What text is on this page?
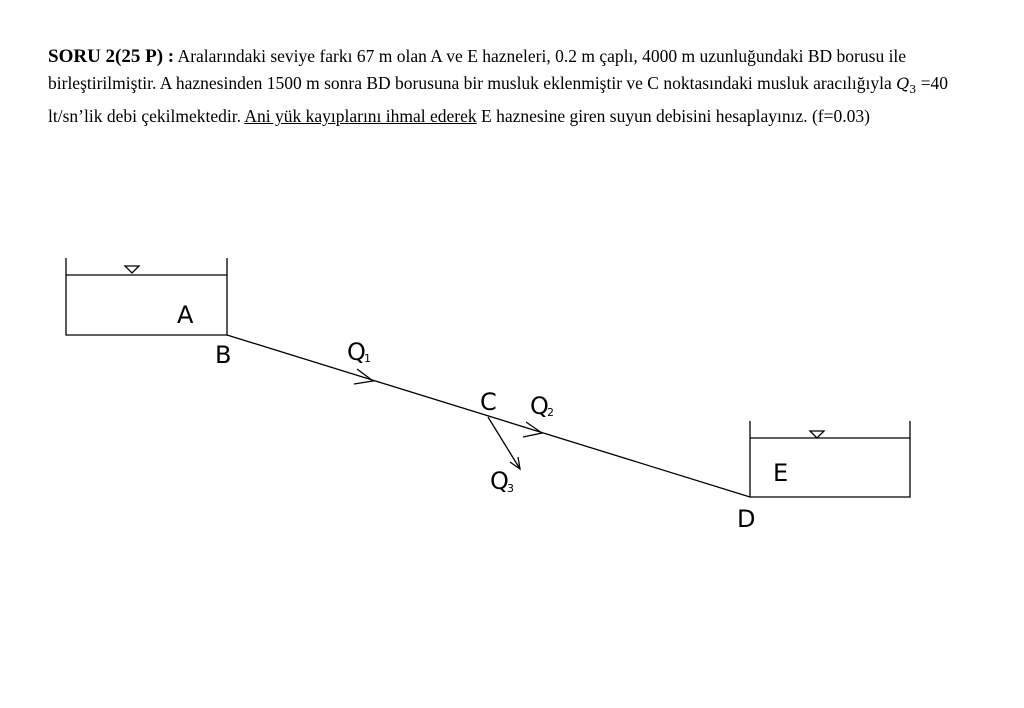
SORU 2(25 P) : Aralarındaki seviye farkı 67 m olan A ve E hazneleri, 0.2 m çaplı, 4000 m uzunluğundaki BD borusu ile birleştirilmiştir. A haznesinden 1500 m sonra BD borusuna bir musluk eklenmiştir ve C noktasındaki musluk aracılığıyla $Q_3 =40$ lt/sn’lik debi çekilmektedir. Ani yük kayıplarını ihmal ederek E haznesine giren suyun debisini hesaplayınız. (f=0.03)
A
E
B
C
D
Q
1
Q
2
Q
3
